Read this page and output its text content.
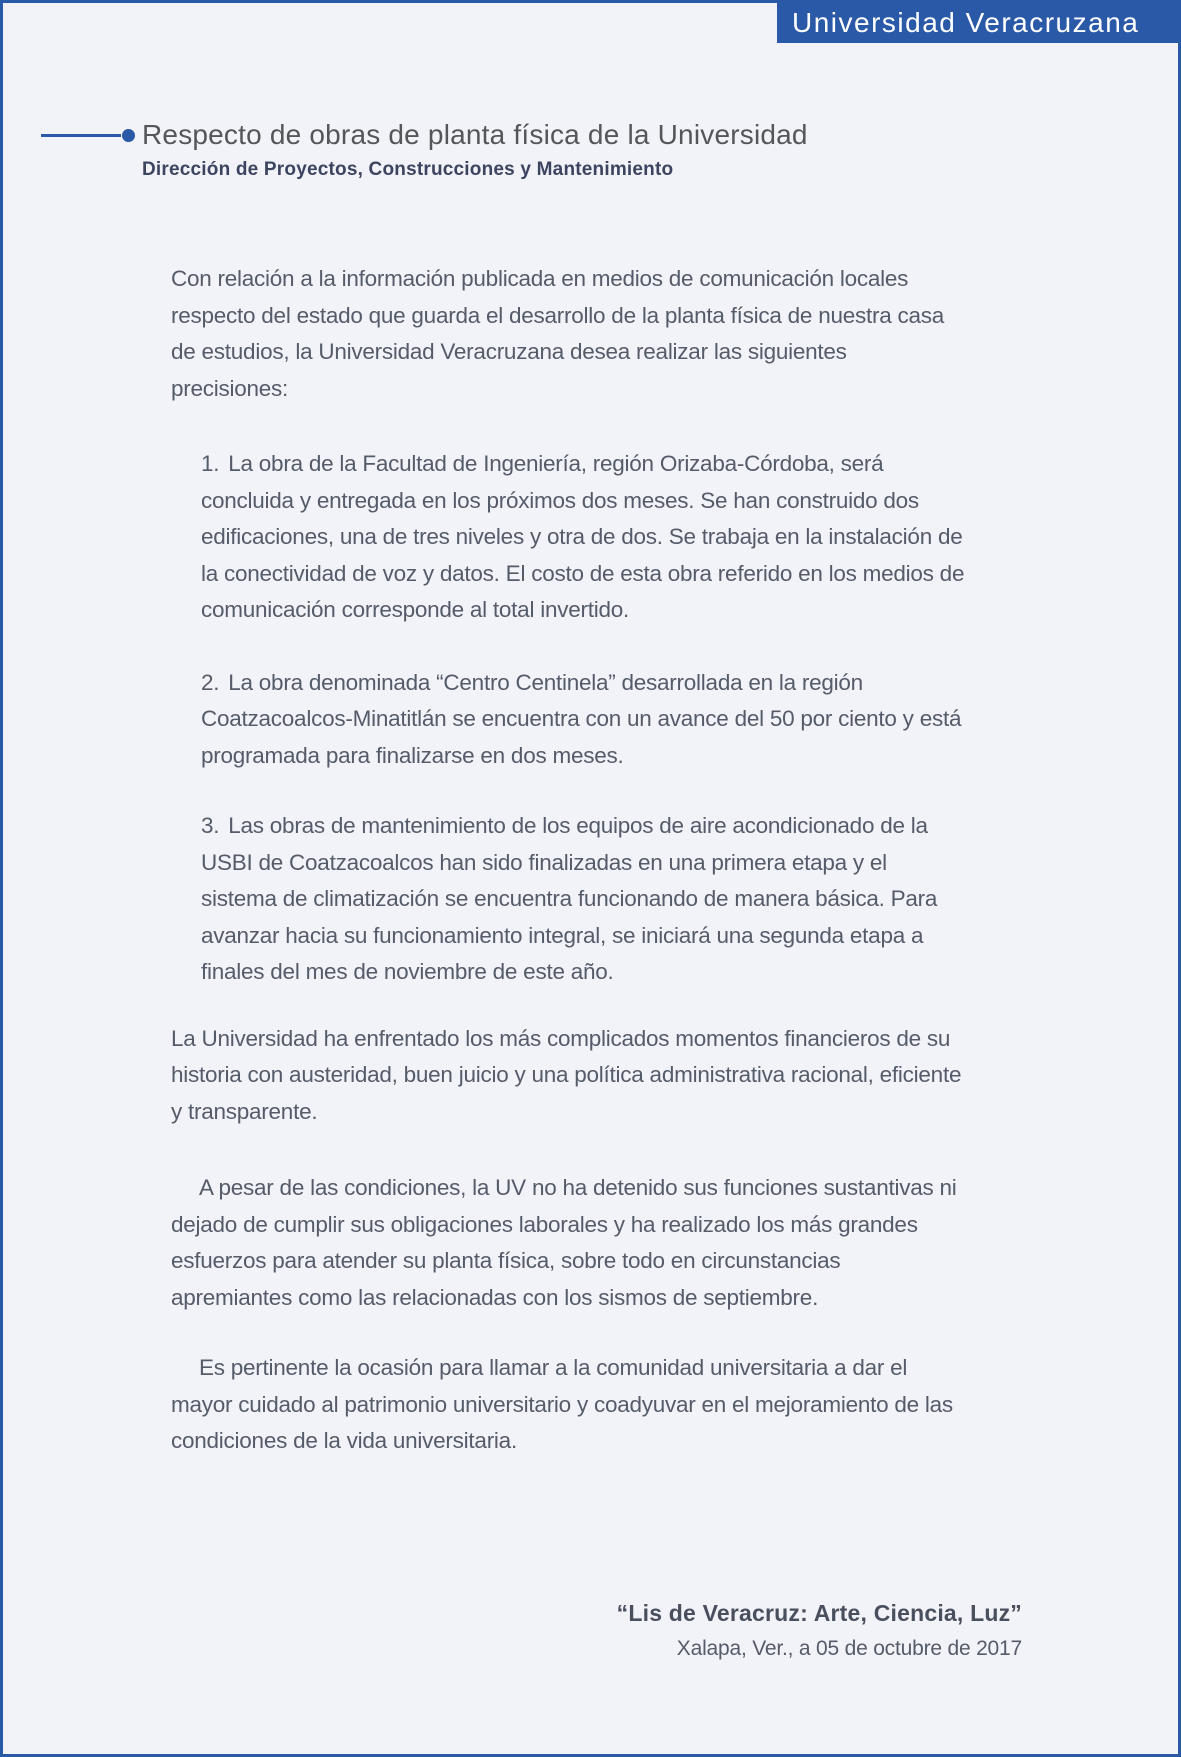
Universidad Veracruzana
Respecto de obras de planta física de la Universidad
Dirección de Proyectos, Construcciones y Mantenimiento

Con relación a la información publicada en medios de comunicación locales respecto del estado que guarda el desarrollo de la planta física de nuestra casa de estudios, la Universidad Veracruzana desea realizar las siguientes precisiones:

1. La obra de la Facultad de Ingeniería, región Orizaba-Córdoba, será concluida y entregada en los próximos dos meses. Se han construido dos edificaciones, una de tres niveles y otra de dos. Se trabaja en la instalación de la conectividad de voz y datos. El costo de esta obra referido en los medios de comunicación corresponde al total invertido.

2. La obra denominada “Centro Centinela” desarrollada en la región Coatzacoalcos-Minatitlán se encuentra con un avance del 50 por ciento y está programada para finalizarse en dos meses.

3. Las obras de mantenimiento de los equipos de aire acondicionado de la USBI de Coatzacoalcos han sido finalizadas en una primera etapa y el sistema de climatización se encuentra funcionando de manera básica. Para avanzar hacia su funcionamiento integral, se iniciará una segunda etapa a finales del mes de noviembre de este año.

La Universidad ha enfrentado los más complicados momentos financieros de su historia con austeridad, buen juicio y una política administrativa racional, eficiente y transparente.

A pesar de las condiciones, la UV no ha detenido sus funciones sustantivas ni dejado de cumplir sus obligaciones laborales y ha realizado los más grandes esfuerzos para atender su planta física, sobre todo en circunstancias apremiantes como las relacionadas con los sismos de septiembre.

Es pertinente la ocasión para llamar a la comunidad universitaria a dar el mayor cuidado al patrimonio universitario y coadyuvar en el mejoramiento de las condiciones de la vida universitaria.

“Lis de Veracruz: Arte, Ciencia, Luz”
Xalapa, Ver., a 05 de octubre de 2017
